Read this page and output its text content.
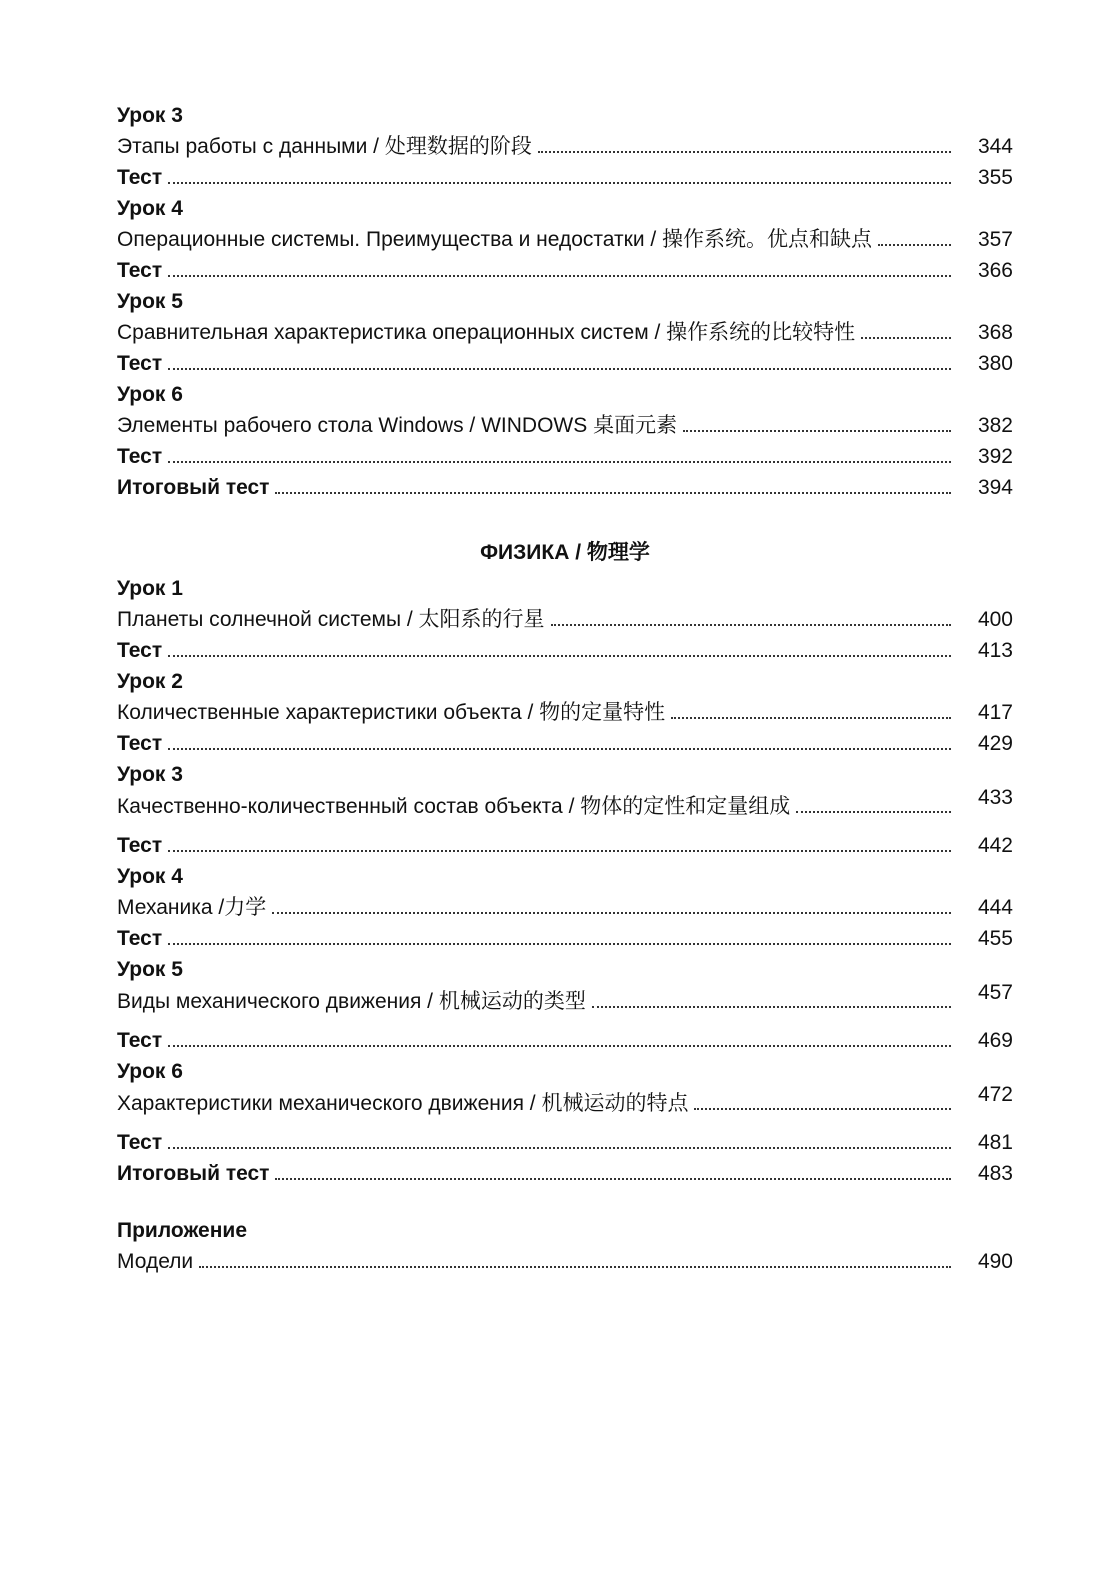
Урок 3
Этапы работы с данными / 处理数据的阶段	344
Тест	355
Урок 4
Операционные системы. Преимущества и недостатки / 操作系统。优点和缺点	357
Тест	366
Урок 5
Сравнительная характеристика операционных систем / 操作系统的比较特性	368
Тест	380
Урок 6
Элементы рабочего стола Windows / WINDOWS 桌面元素	382
Тест	392
Итоговый тест	394
ФИЗИКА / 物理学
Урок 1
Планеты солнечной системы / 太阳系的行星	400
Тест	413
Урок 2
Количественные характеристики объекта / 物的定量特性	417
Тест	429
Урок 3
Качественно-количественный состав объекта / 物体的定性和定量组成	433
Тест	442
Урок 4
Механика /力学	444
Тест	455
Урок 5
Виды механического движения / 机械运动的类型	457
Тест	469
Урок 6
Характеристики механического движения / 机械运动的特点	472
Тест	481
Итоговый тест	483
Приложение
Модели	490
